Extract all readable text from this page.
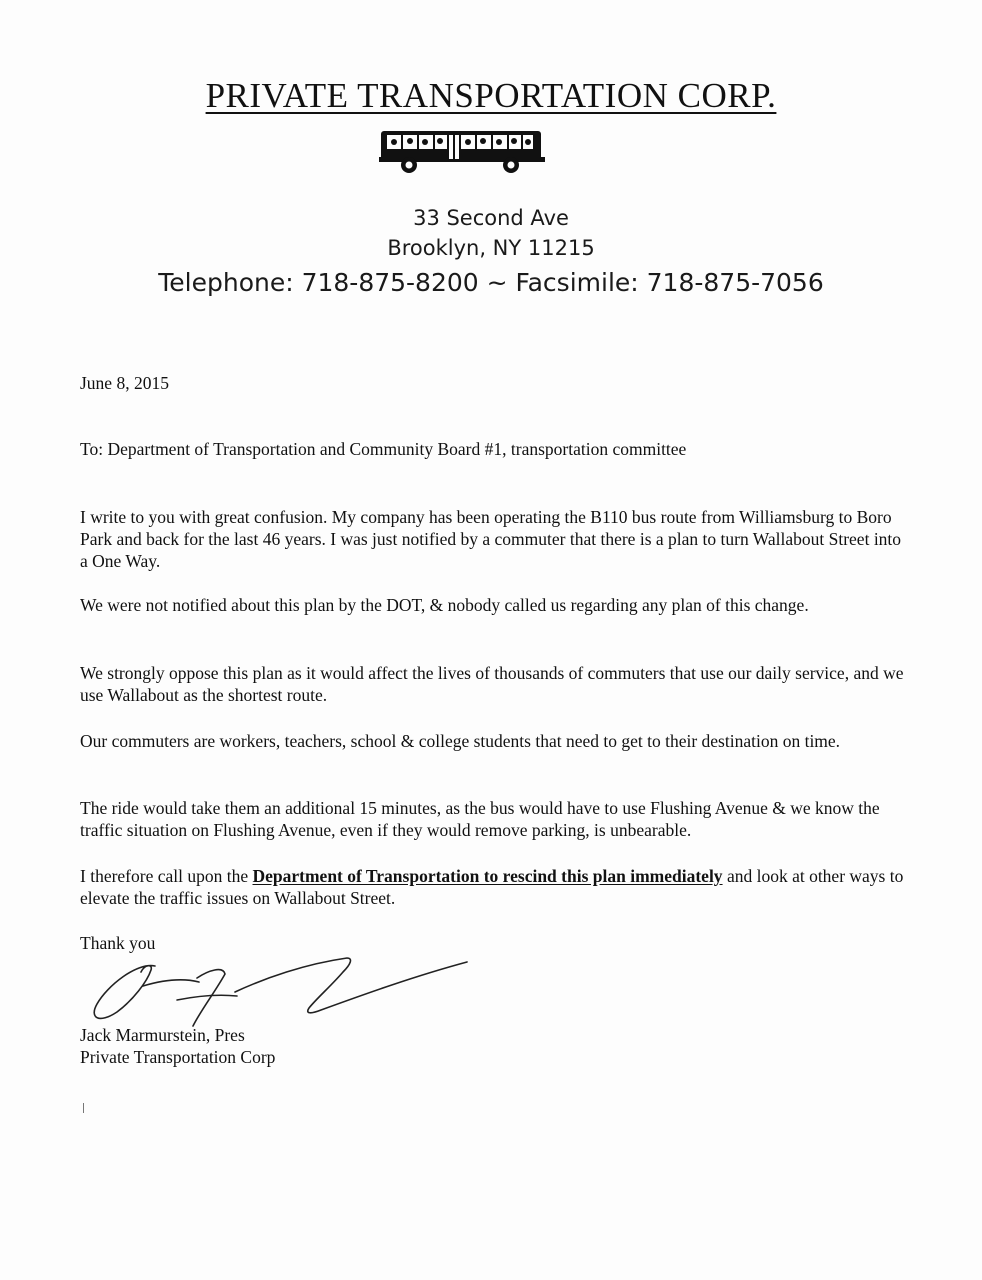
PRIVATE TRANSPORTATION CORP.
33 Second Ave
Brooklyn, NY 11215
Telephone: 718-875-8200 ~ Facsimile: 718-875-7056
June 8, 2015
To: Department of Transportation and Community Board #1, transportation committee
I write to you with great confusion. My company has been operating the B110 bus route from Williamsburg to Boro Park and back for the last 46 years. I was just notified by a commuter that there is a plan to turn Wallabout Street into a One Way.
We were not notified about this plan by the DOT, & nobody called us regarding any plan of this change.
We strongly oppose this plan as it would affect the lives of thousands of commuters that use our daily service, and we use Wallabout as the shortest route.
Our commuters are workers, teachers, school & college students that need to get to their destination on time.
The ride would take them an additional 15 minutes, as the bus would have to use Flushing Avenue & we know the traffic situation on Flushing Avenue, even if they would remove parking, is unbearable.
I therefore call upon the Department of Transportation to rescind this plan immediately and look at other ways to elevate the traffic issues on Wallabout Street.
Thank you
Jack Marmurstein, Pres
Private Transportation Corp
